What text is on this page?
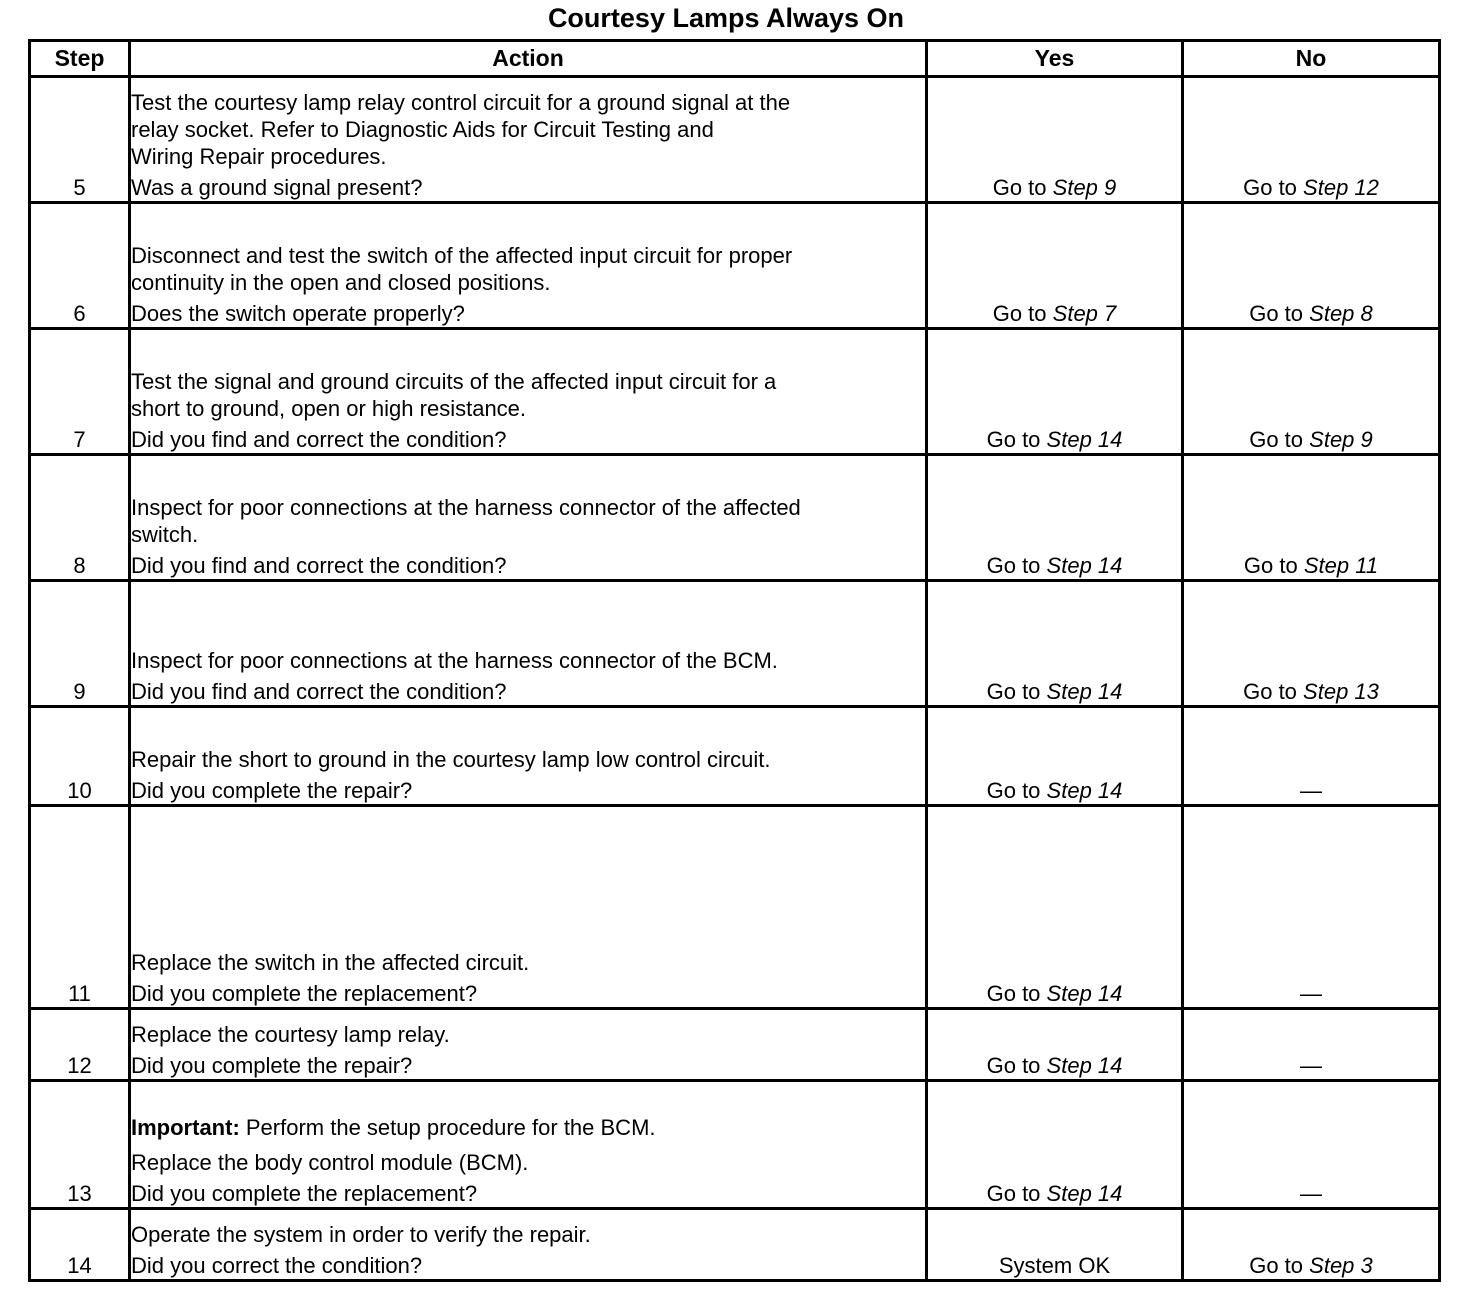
Courtesy Lamps Always On
Step	Action	Yes	No
5	Test the courtesy lamp relay control circuit for a ground signal at the
relay socket. Refer to Diagnostic Aids for Circuit Testing and
Wiring Repair procedures.
Was a ground signal present?	Go to Step 9	Go to Step 12
6	Disconnect and test the switch of the affected input circuit for proper
continuity in the open and closed positions.
Does the switch operate properly?	Go to Step 7	Go to Step 8
7	Test the signal and ground circuits of the affected input circuit for a
short to ground, open or high resistance.
Did you find and correct the condition?	Go to Step 14	Go to Step 9
8	Inspect for poor connections at the harness connector of the affected
switch.
Did you find and correct the condition?	Go to Step 14	Go to Step 11
9	Inspect for poor connections at the harness connector of the BCM.
Did you find and correct the condition?	Go to Step 14	Go to Step 13
10	Repair the short to ground in the courtesy lamp low control circuit.
Did you complete the repair?	Go to Step 14	—
11	Replace the switch in the affected circuit.
Did you complete the replacement?	Go to Step 14	—
12	Replace the courtesy lamp relay.
Did you complete the repair?	Go to Step 14	—
13	Important: Perform the setup procedure for the BCM.
Replace the body control module (BCM).
Did you complete the replacement?	Go to Step 14	—
14	Operate the system in order to verify the repair.
Did you correct the condition?	System OK	Go to Step 3
